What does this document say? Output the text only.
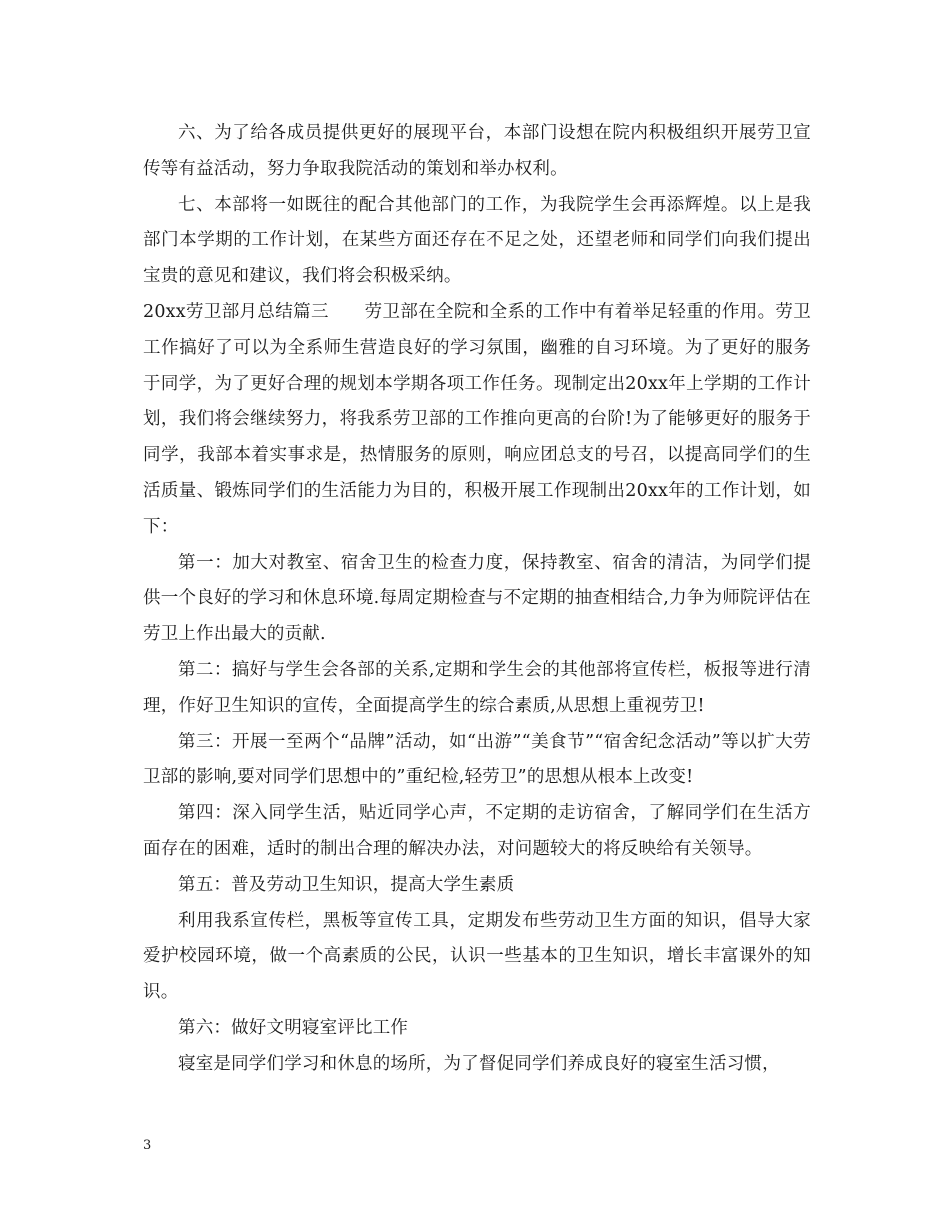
六、为了给各成员提供更好的展现平台，本部门设想在院内积极组织开展劳卫宣传等有益活动，努力争取我院活动的策划和举办权利。

七、本部将一如既往的配合其他部门的工作，为我院学生会再添辉煌。以上是我部门本学期的工作计划，在某些方面还存在不足之处，还望老师和同学们向我们提出宝贵的意见和建议，我们将会积极采纳。

20xx劳卫部月总结篇三　　劳卫部在全院和全系的工作中有着举足轻重的作用。劳卫工作搞好了可以为全系师生营造良好的学习氛围，幽雅的自习环境。为了更好的服务于同学，为了更好合理的规划本学期各项工作任务。现制定出20xx年上学期的工作计划，我们将会继续努力，将我系劳卫部的工作推向更高的台阶!为了能够更好的服务于同学，我部本着实事求是，热情服务的原则，响应团总支的号召，以提高同学们的生活质量、锻炼同学们的生活能力为目的，积极开展工作现制出20xx年的工作计划，如下：

第一：加大对教室、宿舍卫生的检查力度，保持教室、宿舍的清洁，为同学们提供一个良好的学习和休息环境.每周定期检查与不定期的抽查相结合,力争为师院评估在劳卫上作出最大的贡献.

第二：搞好与学生会各部的关系,定期和学生会的其他部将宣传栏，板报等进行清理，作好卫生知识的宣传，全面提高学生的综合素质,从思想上重视劳卫!

第三：开展一至两个“品牌”活动，如“出游”“美食节”“宿舍纪念活动”等以扩大劳卫部的影响,要对同学们思想中的”重纪检,轻劳卫”的思想从根本上改变!

第四：深入同学生活，贴近同学心声，不定期的走访宿舍，了解同学们在生活方面存在的困难，适时的制出合理的解决办法，对问题较大的将反映给有关领导。

第五：普及劳动卫生知识，提高大学生素质

利用我系宣传栏，黑板等宣传工具，定期发布些劳动卫生方面的知识，倡导大家爱护校园环境，做一个高素质的公民，认识一些基本的卫生知识，增长丰富课外的知识。

第六：做好文明寝室评比工作

寝室是同学们学习和休息的场所，为了督促同学们养成良好的寝室生活习惯，

3
